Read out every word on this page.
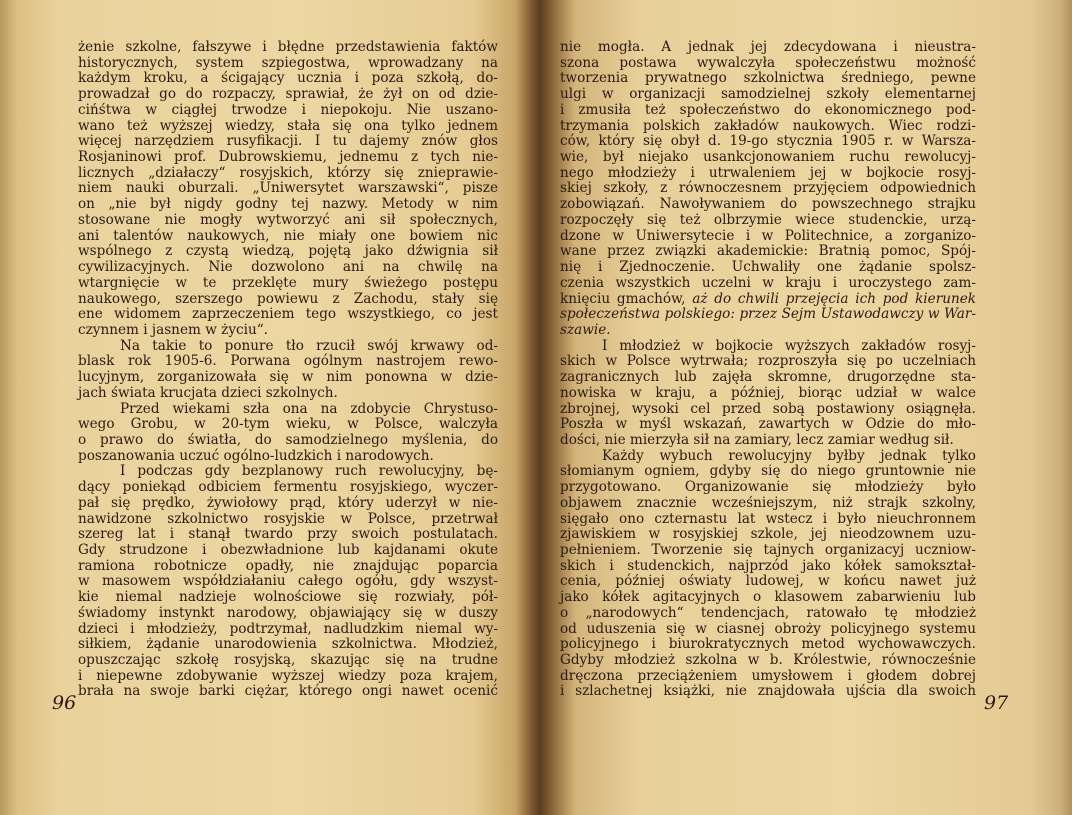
żenie szkolne, fałszywe i błędne przedstawienia faktów
historycznych, system szpiegostwa, wprowadzany na
każdym kroku, a ścigający ucznia i poza szkołą, do-
prowadzał go do rozpaczy, sprawiał, że żył on od dzie-
cińśtwa w ciągłej trwodze i niepokoju. Nie uszano-
wano też wyższej wiedzy, stała się ona tylko jednem
więcej narzędziem rusyfikacji. I tu dajemy znów głos
Rosjaninowi prof. Dubrowskiemu, jednemu z tych nie-
licznych „działaczy“ rosyjskich, którzy się znieprawie-
niem nauki oburzali. „Uniwersytet warszawski“, pisze
on „nie był nigdy godny tej nazwy. Metody w nim
stosowane nie mogły wytworzyć ani sił społecznych,
ani talentów naukowych, nie miały one bowiem nic
wspólnego z czystą wiedzą, pojętą jako dźwignia sił
cywilizacyjnych. Nie dozwolono ani na chwilę na
wtargnięcie w te przeklęte mury świeżego postępu
naukowego, szerszego powiewu z Zachodu, stały się
ene widomem zaprzeczeniem tego wszystkiego, co jest
czynnem i jasnem w życiu“.
Na takie to ponure tło rzucił swój krwawy od-
blask rok 1905-6. Porwana ogólnym nastrojem rewo-
lucyjnym, zorganizowała się w nim ponowna w dzie-
jach świata krucjata dzieci szkolnych.
Przed wiekami szła ona na zdobycie Chrystuso-
wego Grobu, w 20-tym wieku, w Polsce, walczyła
o prawo do światła, do samodzielnego myślenia, do
poszanowania uczuć ogólno-ludzkich i narodowych.
I podczas gdy bezplanowy ruch rewolucyjny, bę-
dący poniekąd odbiciem fermentu rosyjskiego, wyczer-
pał się prędko, żywiołowy prąd, który uderzył w nie-
nawidzone szkolnictwo rosyjskie w Polsce, przetrwał
szereg lat i stanął twardo przy swoich postulatach.
Gdy strudzone i obezwładnione lub kajdanami okute
ramiona robotnicze opadły, nie znajdując poparcia
w masowem współdziałaniu całego ogółu, gdy wszyst-
kie niemal nadzieje wolnościowe się rozwiały, pół-
świadomy instynkt narodowy, objawiający się w duszy
dzieci i młodzieży, podtrzymał, nadludzkim niemal wy-
siłkiem, żądanie unarodowienia szkolnictwa. Młodzież,
opuszczając szkołę rosyjską, skazując się na trudne
i niepewne zdobywanie wyższej wiedzy poza krajem,
brała na swoje barki ciężar, którego ongi nawet ocenić
nie mogła. A jednak jej zdecydowana i nieustra-
szona postawa wywalczyła społeczeństwu możność
tworzenia prywatnego szkolnictwa średniego, pewne
ulgi w organizacji samodzielnej szkoły elementarnej
i zmusiła też społeczeństwo do ekonomicznego pod-
trzymania polskich zakładów naukowych. Wiec rodzi-
ców, który się obył d. 19-go stycznia 1905 r. w Warsza-
wie, był niejako usankcjonowaniem ruchu rewolucyj-
nego młodzieży i utrwaleniem jej w bojkocie rosyj-
skiej szkoły, z równoczesnem przyjęciem odpowiednich
zobowiązań. Nawoływaniem do powszechnego strajku
rozpoczęły się też olbrzymie wiece studenckie, urzą-
dzone w Uniwersytecie i w Politechnice, a zorganizo-
wane przez związki akademickie: Bratnią pomoc, Spój-
nię i Zjednoczenie. Uchwaliły one żądanie spolsz-
czenia wszystkich uczelni w kraju i uroczystego zam-
knięciu gmachów, aż do chwili przejęcia ich pod kierunek
społeczeństwa polskiego: przez Sejm Ustawodawczy w War-
szawie.
I młodzież w bojkocie wyższych zakładów rosyj-
skich w Polsce wytrwała; rozproszyła się po uczelniach
zagranicznych lub zajęła skromne, drugorzędne sta-
nowiska w kraju, a później, biorąc udział w walce
zbrojnej, wysoki cel przed sobą postawiony osiągnęła.
Poszła w myśl wskazań, zawartych w Odzie do mło-
dości, nie mierzyła sił na zamiary, lecz zamiar według sił.
Każdy wybuch rewolucyjny byłby jednak tylko
słomianym ogniem, gdyby się do niego gruntownie nie
przygotowano. Organizowanie się młodzieży było
objawem znacznie wcześniejszym, niż strajk szkolny,
sięgało ono czternastu lat wstecz i było nieuchronnem
zjawiskiem w rosyjskiej szkole, jej nieodzownem uzu-
pełnieniem. Tworzenie się tajnych organizacyj uczniow-
skich i studenckich, najprzód jako kółek samokształ-
cenia, później oświaty ludowej, w końcu nawet już
jako kółek agitacyjnych o klasowem zabarwieniu lub
o „narodowych“ tendencjach, ratowało tę młodzież
od uduszenia się w ciasnej obroży policyjnego systemu
policyjnego i biurokratycznych metod wychowawczych.
Gdyby młodzież szkolna w b. Królestwie, równocześnie
dręczona przeciążeniem umysłowem i głodem dobrej
i szlachetnej książki, nie znajdowała ujścia dla swoich
96	97
